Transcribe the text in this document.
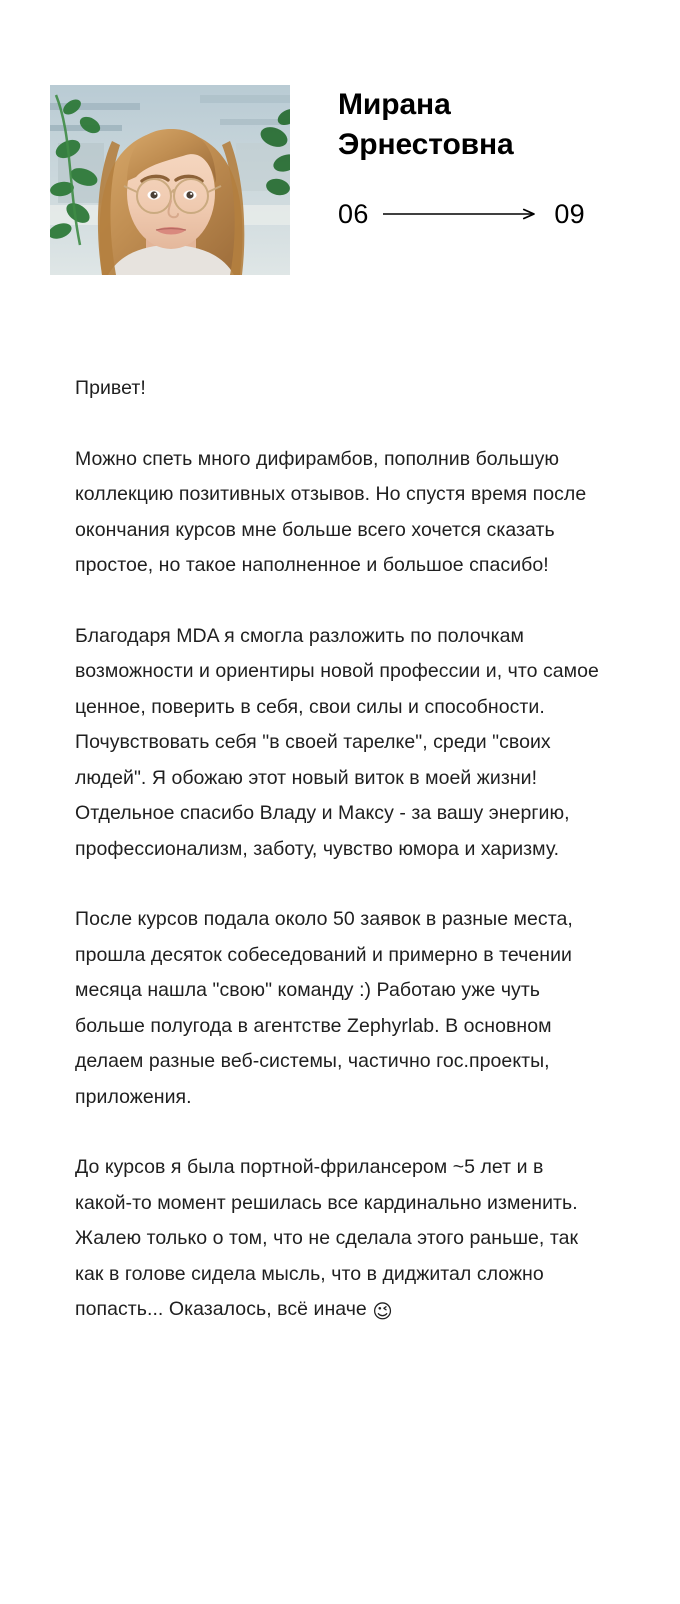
Мирана Эрнестовна
06	09

Привет!

Можно спеть много дифирамбов, пополнив большую коллекцию позитивных отзывов. Но спустя время после окончания курсов мне больше всего хочется сказать простое, но такое наполненное и большое спасибо!

Благодаря MDA я смогла разложить по полочкам возможности и ориентиры новой профессии и, что самое ценное, поверить в себя, свои силы и способности. Почувствовать себя "в своей тарелке", среди "своих людей". Я обожаю этот новый виток в моей жизни! Отдельное спасибо Владу и Максу - за вашу энергию, профессионализм, заботу, чувство юмора и харизму.

После курсов подала около 50 заявок в разные места, прошла десяток собеседований и примерно в течении месяца нашла "свою" команду :) Работаю уже чуть больше полугода в агентстве Zephyrlab. В основном делаем разные веб-системы, частично гос.проекты, приложения.

До курсов я была портной-фрилансером ~5 лет и в какой-то момент решилась все кардинально изменить. Жалею только о том, что не сделала этого раньше, так как в голове сидела мысль, что в диджитал сложно попасть... Оказалось, всё иначе 😉
